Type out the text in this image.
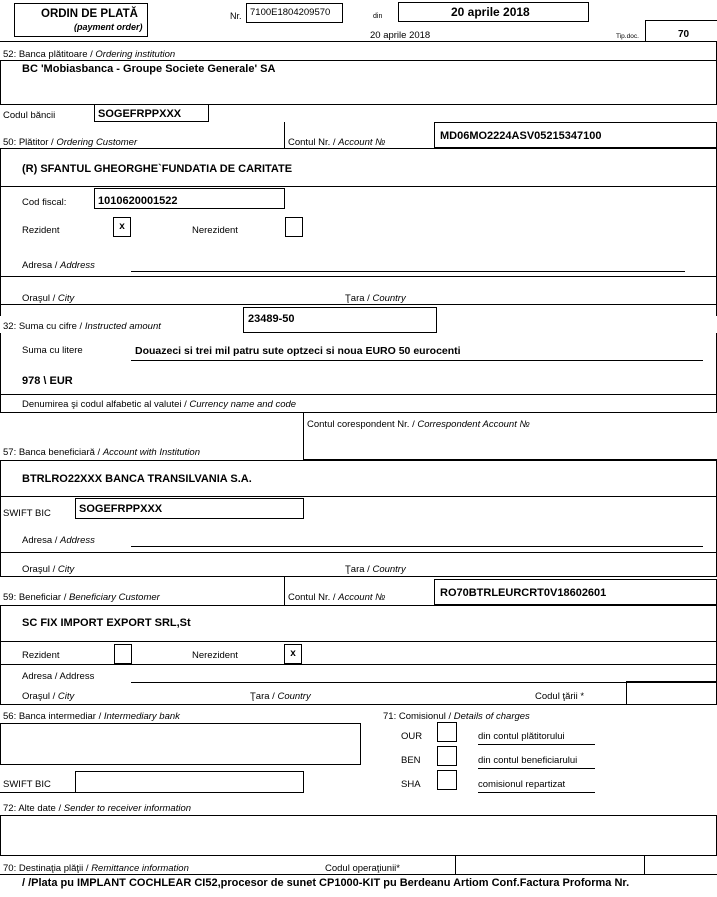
ORDIN DE PLATĂ
(payment order)
Nr. 7100E1804209570	din	20 aprile 2018
20 aprile 2018	Tip.doc.	70
52: Banca plătitoare / Ordering institution
BC 'Mobiasbanca - Groupe Societe Generale' SA
Codul băncii	SOGEFRPPXXX
50: Plătitor / Ordering Customer	Contul Nr. / Account №
MD06MO2224ASV05215347100
(R) SFANTUL GHEORGHE`FUNDATIA DE CARITATE
Cod fiscal:	1010620001522
Rezident	x	Nerezident
Adresa / Address
Oraşul / City	Ţara / Country
32: Suma cu cifre / Instructed amount
23489-50
Suma cu litere	Douazeci si trei mil patru sute optzeci si noua EURO 50 eurocenti
978 \ EUR
Denumirea şi codul alfabetic al valutei / Currency name and code
Contul corespondent Nr. / Correspondent Account №
57: Banca beneficiară / Account with Institution
BTRLRO22XXX BANCA TRANSILVANIA S.A.
SWIFT BIC	SOGEFRPPXXX
Adresa / Address
Oraşul / City	Ţara / Country
59: Beneficiar / Beneficiary Customer	Contul Nr. / Account №	RO70BTRLEURCRT0V18602601
SC FIX IMPORT EXPORT SRL,St
Rezident	Nerezident	x
Adresa / Address
Oraşul / City	Ţara / Country	Codul ţării *
56: Banca intermediar / Intermediary bank
SWIFT BIC
71: Comisionul / Details of charges
OUR	din contul plătitorului
BEN	din contul beneficiarului
SHA	comisionul repartizat
72: Alte date / Sender to receiver information
70: Destinaţia plăţii / Remittance information	Codul operaţiunii*
/ /Plata pu IMPLANT COCHLEAR CI52,procesor de sunet CP1000-KIT pu Berdeanu Artiom Conf.Factura Proforma Nr.
